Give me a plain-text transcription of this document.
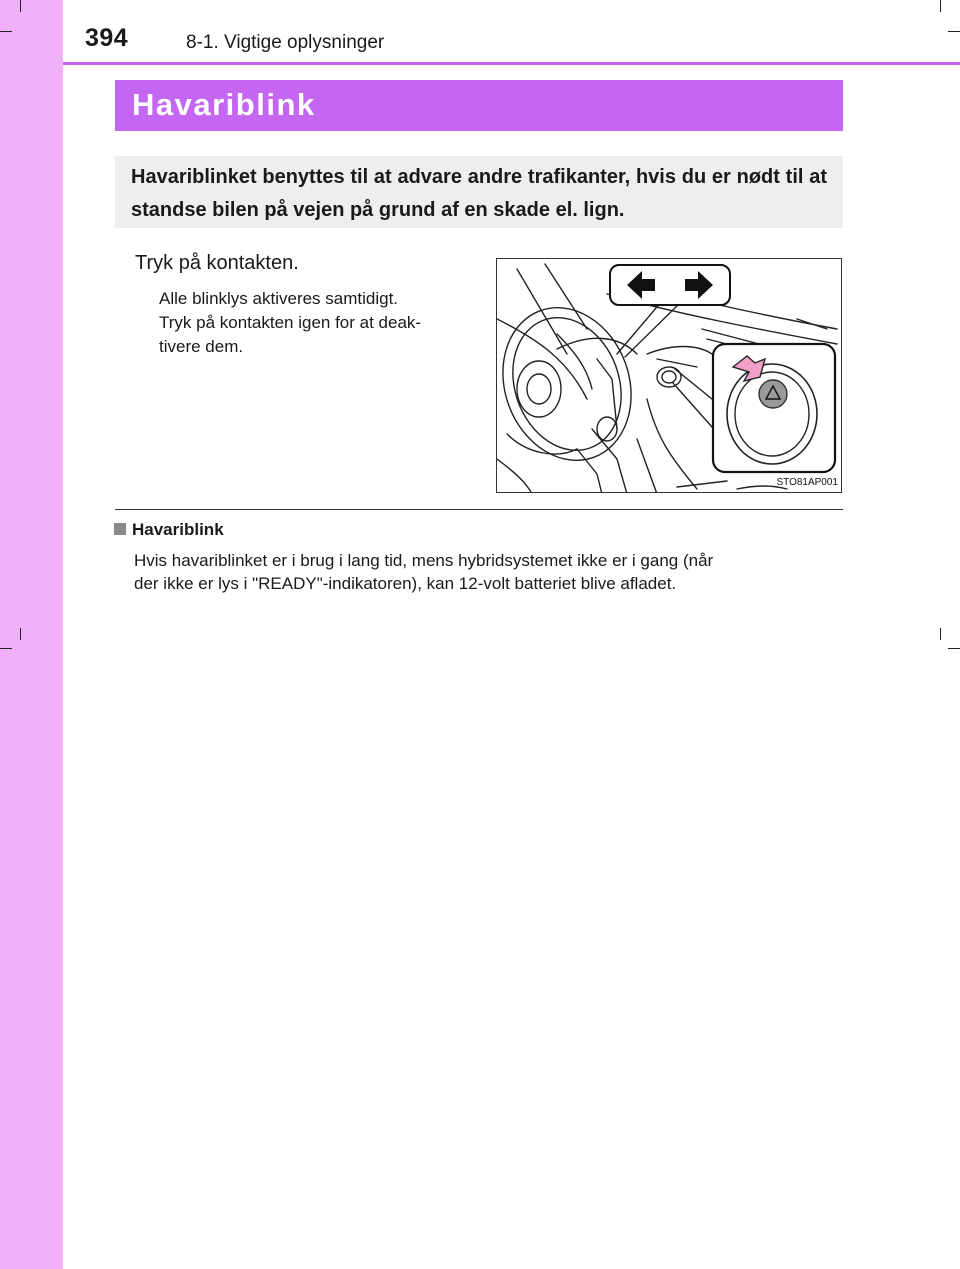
394	8-1. Vigtige oplysninger
Havariblink
Havariblinket benyttes til at advare andre trafikanter, hvis du er nødt til at standse bilen på vejen på grund af en skade el. lign.
Tryk på kontakten.
Alle blinklys aktiveres samtidigt.
Tryk på kontakten igen for at deak-
tivere dem.
STO81AP001
Havariblink
Hvis havariblinket er i brug i lang tid, mens hybridsystemet ikke er i gang (når
der ikke er lys i "READY"-indikatoren), kan 12-volt batteriet blive afladet.
